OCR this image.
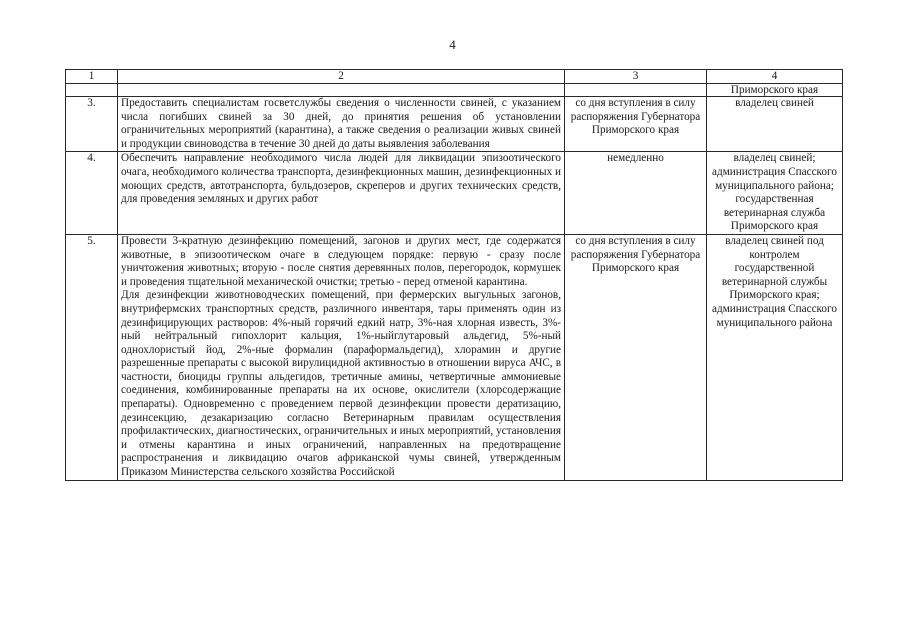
4
1	2	3	4
			Приморского края
3.	Предоставить специалистам госветслужбы сведения о численности свиней, с указанием числа погибших свиней за 30 дней, до принятия решения об установлении ограничительных мероприятий (карантина), а также сведения о реализации живых свиней и продукции свиноводства в течение 30 дней до даты выявления заболевания	со дня вступления в силу распоряжения Губернатора Приморского края	владелец свиней
4.	Обеспечить направление необходимого числа людей для ликвидации эпизоотического очага, необходимого количества транспорта, дезинфекционных машин, дезинфекционных и моющих средств, автотранспорта, бульдозеров, скреперов и других технических средств, для проведения земляных и других работ	немедленно	владелец свиней; администрация Спасского муниципального района; государственная ветеринарная служба Приморского края
5.	Провести 3-кратную дезинфекцию помещений, загонов и других мест, где содержатся животные, в эпизоотическом очаге в следующем порядке: первую - сразу после уничтожения животных; вторую - после снятия деревянных полов, перегородок, кормушек и проведения тщательной механической очистки; третью - перед отменой карантина.
Для дезинфекции животноводческих помещений, при фермерских выгульных загонов, внутрифермских транспортных средств, различного инвентаря, тары применять один из дезинфицирующих растворов: 4%-ный горячий едкий натр, 3%-ная хлорная известь, 3%-ный нейтральный гипохлорит кальция, 1%-ныйглутаровый альдегид, 5%-ный однохлористый йод, 2%-ные формалин (параформальдегид), хлорамин и другие разрешенные препараты с высокой вирулицидной активностью в отношении вируса АЧС, в частности, биоциды группы альдегидов, третичные амины, четвертичные аммониевые соединения, комбинированные препараты на их основе, окислители (хлорсодержащие препараты). Одновременно с проведением первой дезинфекции провести дератизацию, дезинсекцию, дезакаризацию согласно Ветеринарным правилам осуществления профилактических, диагностических, ограничительных и иных мероприятий, установления и отмены карантина и иных ограничений, направленных на предотвращение распространения и ликвидацию очагов африканской чумы свиней, утвержденным Приказом Министерства сельского хозяйства Российской	со дня вступления в силу распоряжения Губернатора Приморского края	владелец свиней под контролем государственной ветеринарной службы Приморского края; администрация Спасского муниципального района
